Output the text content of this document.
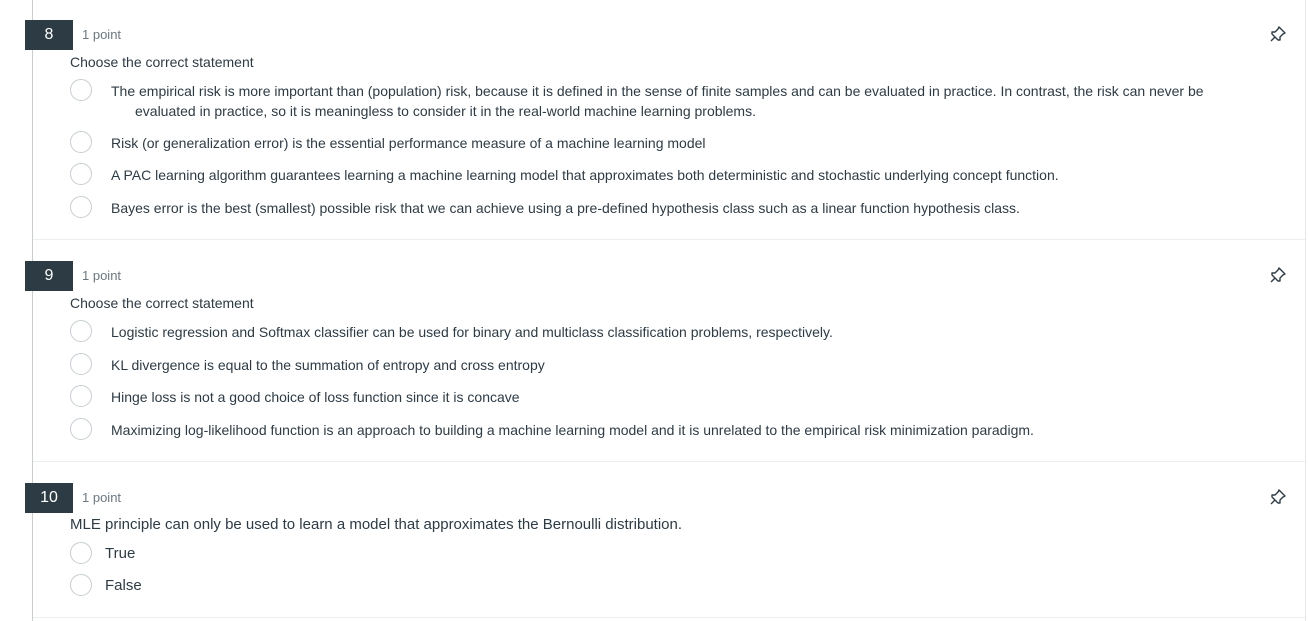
8	1 point
Choose the correct statement
The empirical risk is more important than (population) risk, because it is defined in the sense of finite samples and can be evaluated in practice. In contrast, the risk can never be evaluated in practice, so it is meaningless to consider it in the real-world machine learning problems.
Risk (or generalization error) is the essential performance measure of a machine learning model
A PAC learning algorithm guarantees learning a machine learning model that approximates both deterministic and stochastic underlying concept function.
Bayes error is the best (smallest) possible risk that we can achieve using a pre-defined hypothesis class such as a linear function hypothesis class.
9	1 point
Choose the correct statement
Logistic regression and Softmax classifier can be used for binary and multiclass classification problems, respectively.
KL divergence is equal to the summation of entropy and cross entropy
Hinge loss is not a good choice of loss function since it is concave
Maximizing log-likelihood function is an approach to building a machine learning model and it is unrelated to the empirical risk minimization paradigm.
10	1 point
MLE principle can only be used to learn a model that approximates the Bernoulli distribution.
True
False
